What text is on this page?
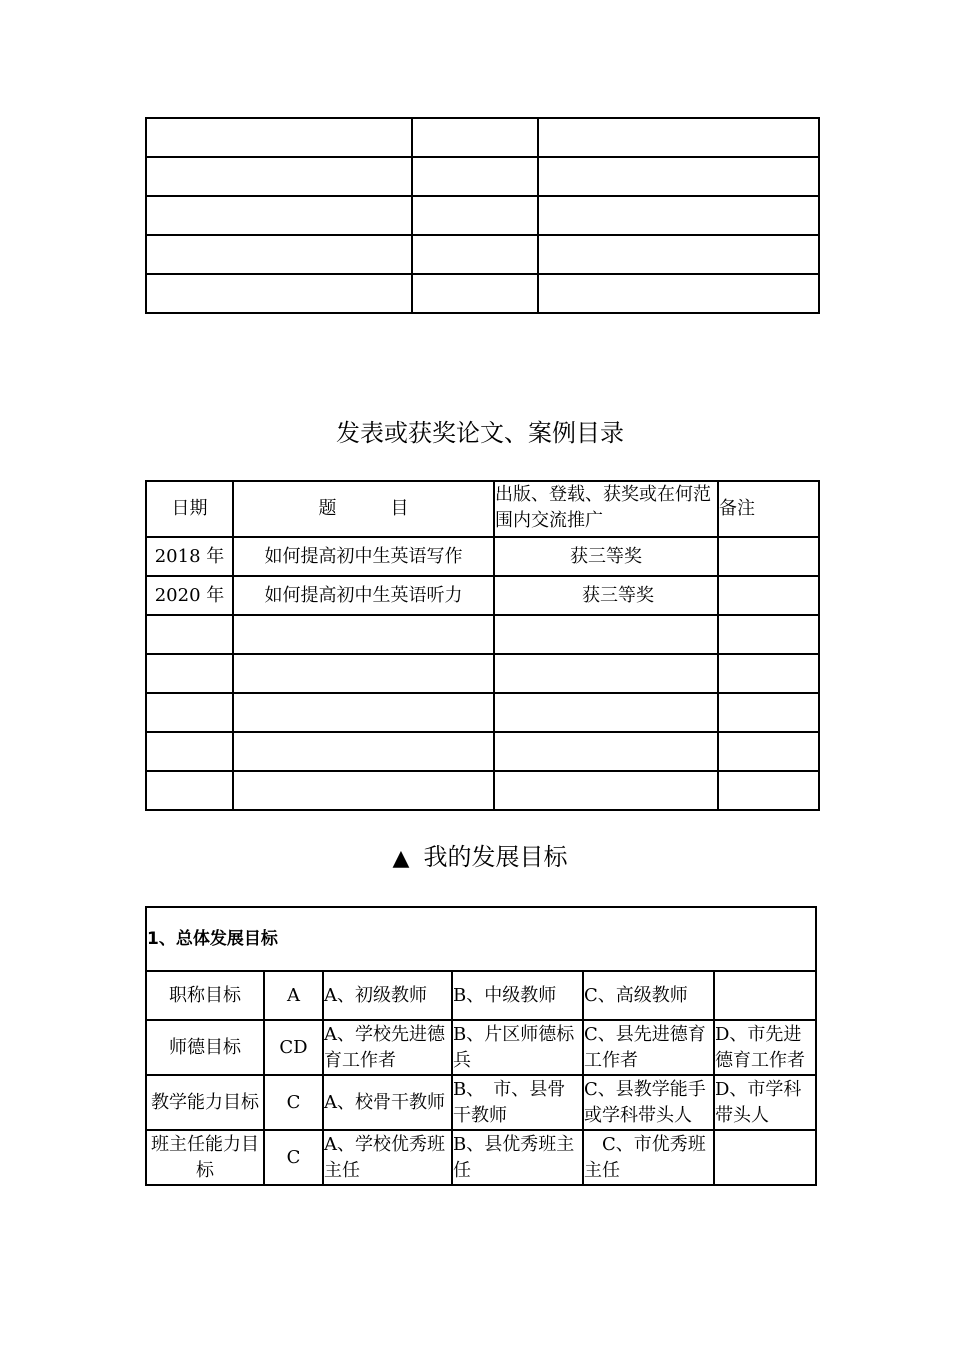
发表或获奖论文、案例目录
日期	题　　　目	出版、登载、获奖或在何范围内交流推广	备注
2018 年	如何提高初中生英语写作	获三等奖	
2020 年	如何提高初中生英语听力	获三等奖	

▲ 我的发展目标
1、总体发展目标					
职称目标	A	A、初级教师	B、中级教师	C、高级教师	
师德目标	CD	A、学校先进德育工作者	B、片区师德标兵	C、县先进德育工作者	D、市先进德育工作者
教学能力目标	C	A、校骨干教师	B、　市、县骨干教师	C、县教学能手或学科带头人	D、市学科带头人
班主任能力目标	C	A、学校优秀班主任	B、县优秀班主任	　C、市优秀班主任	
